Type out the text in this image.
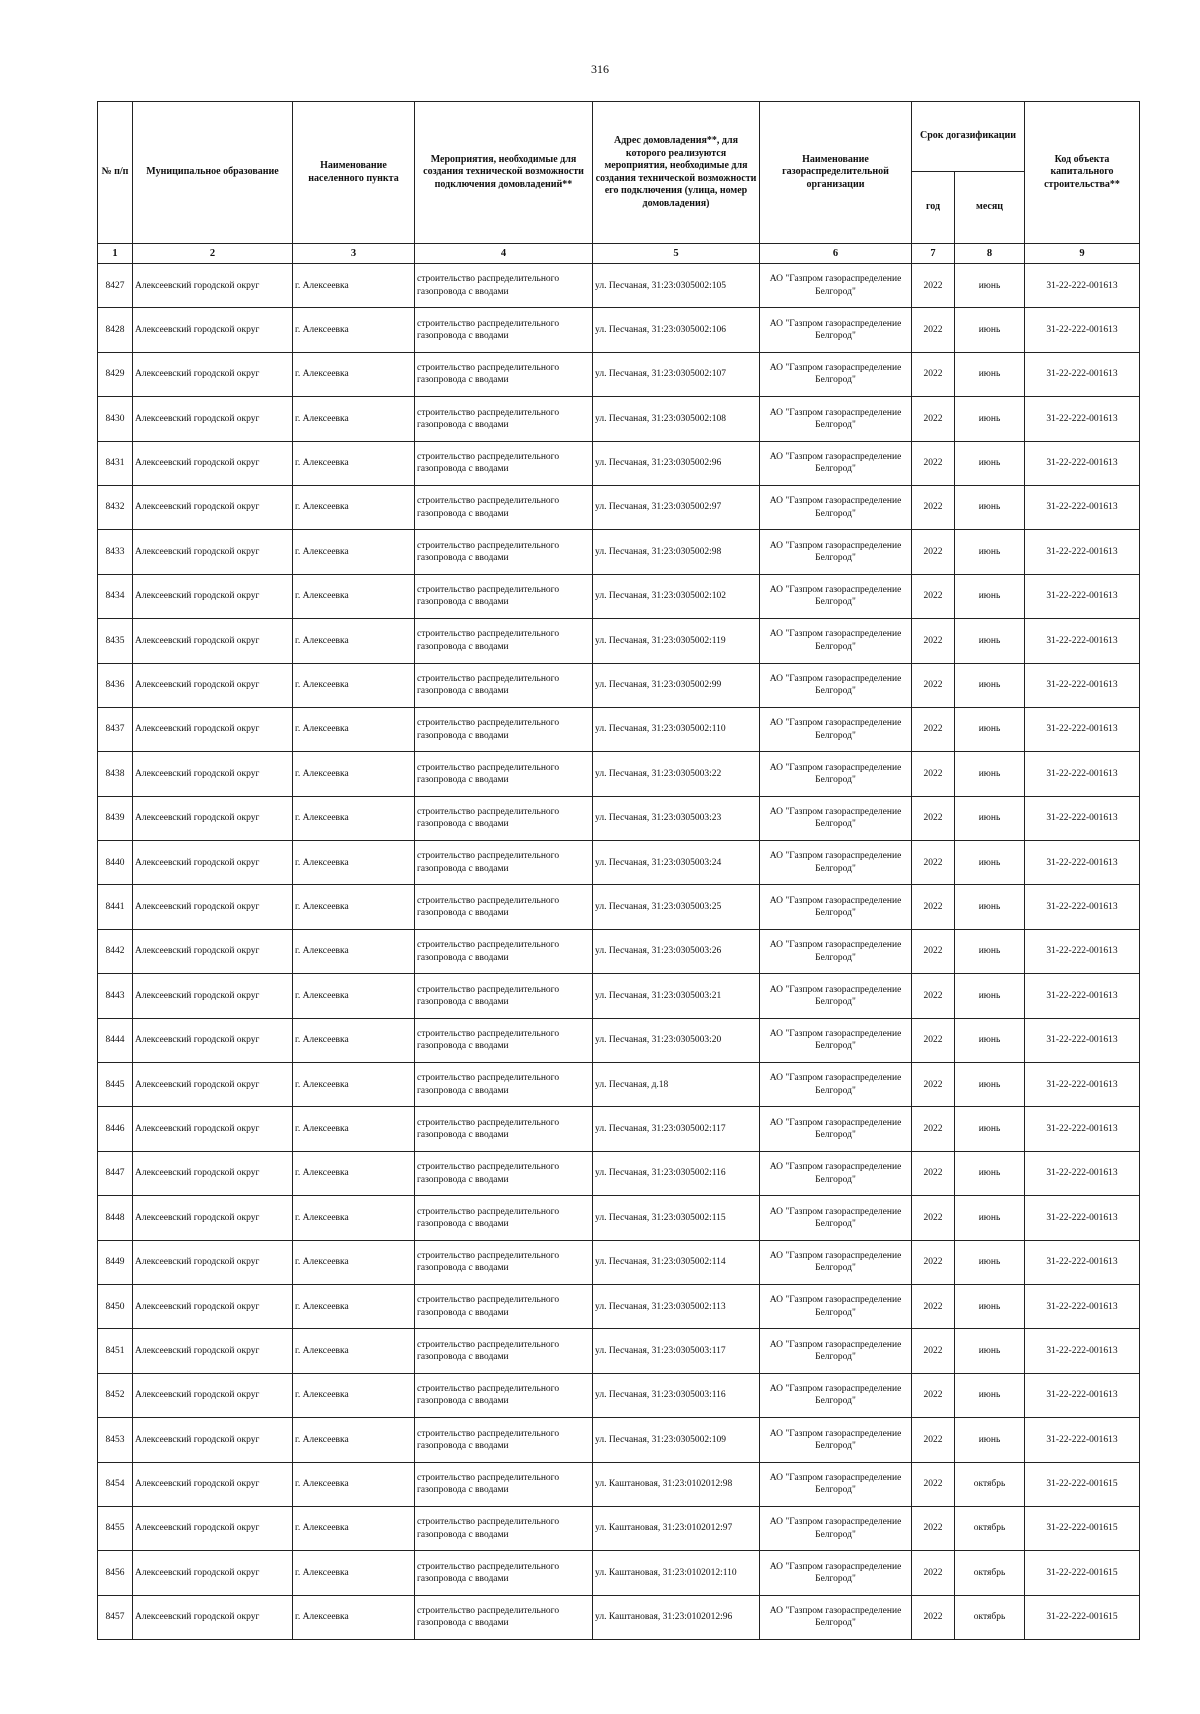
316
№ п/п	Муниципальное образование	Наименование населенного пункта	Мероприятия, необходимые для создания технической возможности подключения домовладений**	Адрес домовладения**, для которого реализуются мероприятия, необходимые для создания технической возможности его подключения (улица, номер домовладения)	Наименование газораспределительной организации	Срок догазификации		Код объекта капитального строительства**
						год	месяц	
1	2	3	4	5	6	7	8	9
8427	Алексеевский городской округ	г. Алексеевка	строительство распределительного газопровода с вводами	ул. Песчаная, 31:23:0305002:105	АО "Газпром газораспределение Белгород"	2022	июнь	31-22-222-001613
8428	Алексеевский городской округ	г. Алексеевка	строительство распределительного газопровода с вводами	ул. Песчаная, 31:23:0305002:106	АО "Газпром газораспределение Белгород"	2022	июнь	31-22-222-001613
8429	Алексеевский городской округ	г. Алексеевка	строительство распределительного газопровода с вводами	ул. Песчаная, 31:23:0305002:107	АО "Газпром газораспределение Белгород"	2022	июнь	31-22-222-001613
8430	Алексеевский городской округ	г. Алексеевка	строительство распределительного газопровода с вводами	ул. Песчаная, 31:23:0305002:108	АО "Газпром газораспределение Белгород"	2022	июнь	31-22-222-001613
8431	Алексеевский городской округ	г. Алексеевка	строительство распределительного газопровода с вводами	ул. Песчаная, 31:23:0305002:96	АО "Газпром газораспределение Белгород"	2022	июнь	31-22-222-001613
8432	Алексеевский городской округ	г. Алексеевка	строительство распределительного газопровода с вводами	ул. Песчаная, 31:23:0305002:97	АО "Газпром газораспределение Белгород"	2022	июнь	31-22-222-001613
8433	Алексеевский городской округ	г. Алексеевка	строительство распределительного газопровода с вводами	ул. Песчаная, 31:23:0305002:98	АО "Газпром газораспределение Белгород"	2022	июнь	31-22-222-001613
8434	Алексеевский городской округ	г. Алексеевка	строительство распределительного газопровода с вводами	ул. Песчаная, 31:23:0305002:102	АО "Газпром газораспределение Белгород"	2022	июнь	31-22-222-001613
8435	Алексеевский городской округ	г. Алексеевка	строительство распределительного газопровода с вводами	ул. Песчаная, 31:23:0305002:119	АО "Газпром газораспределение Белгород"	2022	июнь	31-22-222-001613
8436	Алексеевский городской округ	г. Алексеевка	строительство распределительного газопровода с вводами	ул. Песчаная, 31:23:0305002:99	АО "Газпром газораспределение Белгород"	2022	июнь	31-22-222-001613
8437	Алексеевский городской округ	г. Алексеевка	строительство распределительного газопровода с вводами	ул. Песчаная, 31:23:0305002:110	АО "Газпром газораспределение Белгород"	2022	июнь	31-22-222-001613
8438	Алексеевский городской округ	г. Алексеевка	строительство распределительного газопровода с вводами	ул. Песчаная, 31:23:0305003:22	АО "Газпром газораспределение Белгород"	2022	июнь	31-22-222-001613
8439	Алексеевский городской округ	г. Алексеевка	строительство распределительного газопровода с вводами	ул. Песчаная, 31:23:0305003:23	АО "Газпром газораспределение Белгород"	2022	июнь	31-22-222-001613
8440	Алексеевский городской округ	г. Алексеевка	строительство распределительного газопровода с вводами	ул. Песчаная, 31:23:0305003:24	АО "Газпром газораспределение Белгород"	2022	июнь	31-22-222-001613
8441	Алексеевский городской округ	г. Алексеевка	строительство распределительного газопровода с вводами	ул. Песчаная, 31:23:0305003:25	АО "Газпром газораспределение Белгород"	2022	июнь	31-22-222-001613
8442	Алексеевский городской округ	г. Алексеевка	строительство распределительного газопровода с вводами	ул. Песчаная, 31:23:0305003:26	АО "Газпром газораспределение Белгород"	2022	июнь	31-22-222-001613
8443	Алексеевский городской округ	г. Алексеевка	строительство распределительного газопровода с вводами	ул. Песчаная, 31:23:0305003:21	АО "Газпром газораспределение Белгород"	2022	июнь	31-22-222-001613
8444	Алексеевский городской округ	г. Алексеевка	строительство распределительного газопровода с вводами	ул. Песчаная, 31:23:0305003:20	АО "Газпром газораспределение Белгород"	2022	июнь	31-22-222-001613
8445	Алексеевский городской округ	г. Алексеевка	строительство распределительного газопровода с вводами	ул. Песчаная, д.18	АО "Газпром газораспределение Белгород"	2022	июнь	31-22-222-001613
8446	Алексеевский городской округ	г. Алексеевка	строительство распределительного газопровода с вводами	ул. Песчаная, 31:23:0305002:117	АО "Газпром газораспределение Белгород"	2022	июнь	31-22-222-001613
8447	Алексеевский городской округ	г. Алексеевка	строительство распределительного газопровода с вводами	ул. Песчаная, 31:23:0305002:116	АО "Газпром газораспределение Белгород"	2022	июнь	31-22-222-001613
8448	Алексеевский городской округ	г. Алексеевка	строительство распределительного газопровода с вводами	ул. Песчаная, 31:23:0305002:115	АО "Газпром газораспределение Белгород"	2022	июнь	31-22-222-001613
8449	Алексеевский городской округ	г. Алексеевка	строительство распределительного газопровода с вводами	ул. Песчаная, 31:23:0305002:114	АО "Газпром газораспределение Белгород"	2022	июнь	31-22-222-001613
8450	Алексеевский городской округ	г. Алексеевка	строительство распределительного газопровода с вводами	ул. Песчаная, 31:23:0305002:113	АО "Газпром газораспределение Белгород"	2022	июнь	31-22-222-001613
8451	Алексеевский городской округ	г. Алексеевка	строительство распределительного газопровода с вводами	ул. Песчаная, 31:23:0305003:117	АО "Газпром газораспределение Белгород"	2022	июнь	31-22-222-001613
8452	Алексеевский городской округ	г. Алексеевка	строительство распределительного газопровода с вводами	ул. Песчаная, 31:23:0305003:116	АО "Газпром газораспределение Белгород"	2022	июнь	31-22-222-001613
8453	Алексеевский городской округ	г. Алексеевка	строительство распределительного газопровода с вводами	ул. Песчаная, 31:23:0305002:109	АО "Газпром газораспределение Белгород"	2022	июнь	31-22-222-001613
8454	Алексеевский городской округ	г. Алексеевка	строительство распределительного газопровода с вводами	ул. Каштановая, 31:23:0102012:98	АО "Газпром газораспределение Белгород"	2022	октябрь	31-22-222-001615
8455	Алексеевский городской округ	г. Алексеевка	строительство распределительного газопровода с вводами	ул. Каштановая, 31:23:0102012:97	АО "Газпром газораспределение Белгород"	2022	октябрь	31-22-222-001615
8456	Алексеевский городской округ	г. Алексеевка	строительство распределительного газопровода с вводами	ул. Каштановая, 31:23:0102012:110	АО "Газпром газораспределение Белгород"	2022	октябрь	31-22-222-001615
8457	Алексеевский городской округ	г. Алексеевка	строительство распределительного газопровода с вводами	ул. Каштановая, 31:23:0102012:96	АО "Газпром газораспределение Белгород"	2022	октябрь	31-22-222-001615
